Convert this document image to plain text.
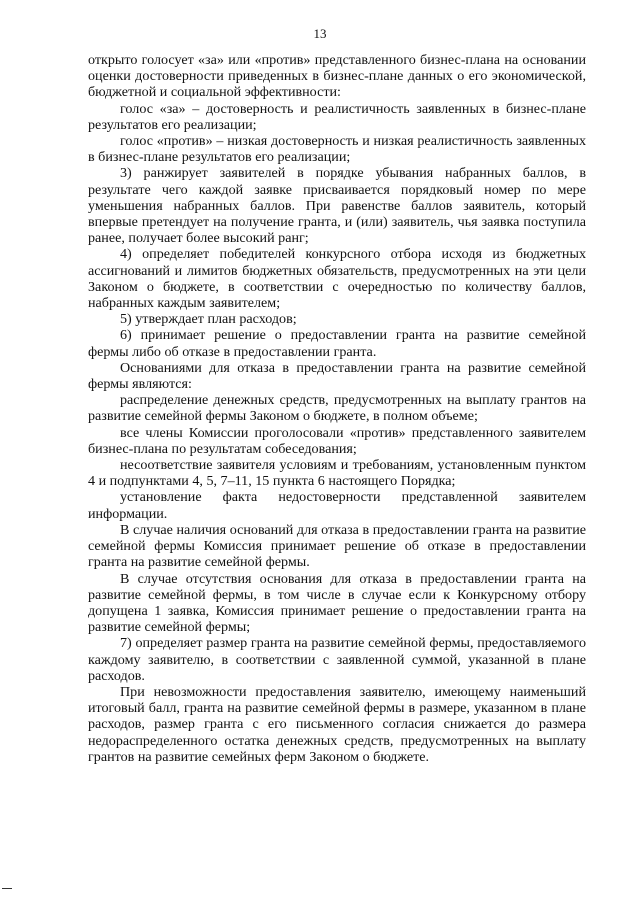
13

открыто голосует «за» или «против» представленного бизнес-плана на основании оценки достоверности приведенных в бизнес-плане данных о его экономической, бюджетной и социальной эффективности:

голос «за» – достоверность и реалистичность заявленных в бизнес-плане результатов его реализации;

голос «против» – низкая достоверность и низкая реалистичность заявленных в бизнес-плане результатов его реализации;

3) ранжирует заявителей в порядке убывания набранных баллов, в результате чего каждой заявке присваивается порядковый номер по мере уменьшения набранных баллов. При равенстве баллов заявитель, который впервые претендует на получение гранта, и (или) заявитель, чья заявка поступила ранее, получает более высокий ранг;

4) определяет победителей конкурсного отбора исходя из бюджетных ассигнований и лимитов бюджетных обязательств, предусмотренных на эти цели Законом о бюджете, в соответствии с очередностью по количеству баллов, набранных каждым заявителем;

5) утверждает план расходов;

6) принимает решение о предоставлении гранта на развитие семейной фермы либо об отказе в предоставлении гранта.

Основаниями для отказа в предоставлении гранта на развитие семейной фермы являются:

распределение денежных средств, предусмотренных на выплату грантов на развитие семейной фермы Законом о бюджете, в полном объеме;

все члены Комиссии проголосовали «против» представленного заявителем бизнес-плана по результатам собеседования;

несоответствие заявителя условиям и требованиям, установленным пунктом 4 и подпунктами 4, 5, 7–11, 15 пункта 6 настоящего Порядка;

установление факта недостоверности представленной заявителем информации.

В случае наличия оснований для отказа в предоставлении гранта на развитие семейной фермы Комиссия принимает решение об отказе в предоставлении гранта на развитие семейной фермы.

В случае отсутствия основания для отказа в предоставлении гранта на развитие семейной фермы, в том числе в случае если к Конкурсному отбору допущена 1 заявка, Комиссия принимает решение о предоставлении гранта на развитие семейной фермы;

7) определяет размер гранта на развитие семейной фермы, предоставляемого каждому заявителю, в соответствии с заявленной суммой, указанной в плане расходов.

При невозможности предоставления заявителю, имеющему наименьший итоговый балл, гранта на развитие семейной фермы в размере, указанном в плане расходов, размер гранта с его письменного согласия снижается до размера недораспределенного остатка денежных средств, предусмотренных на выплату грантов на развитие семейных ферм Законом о бюджете.
